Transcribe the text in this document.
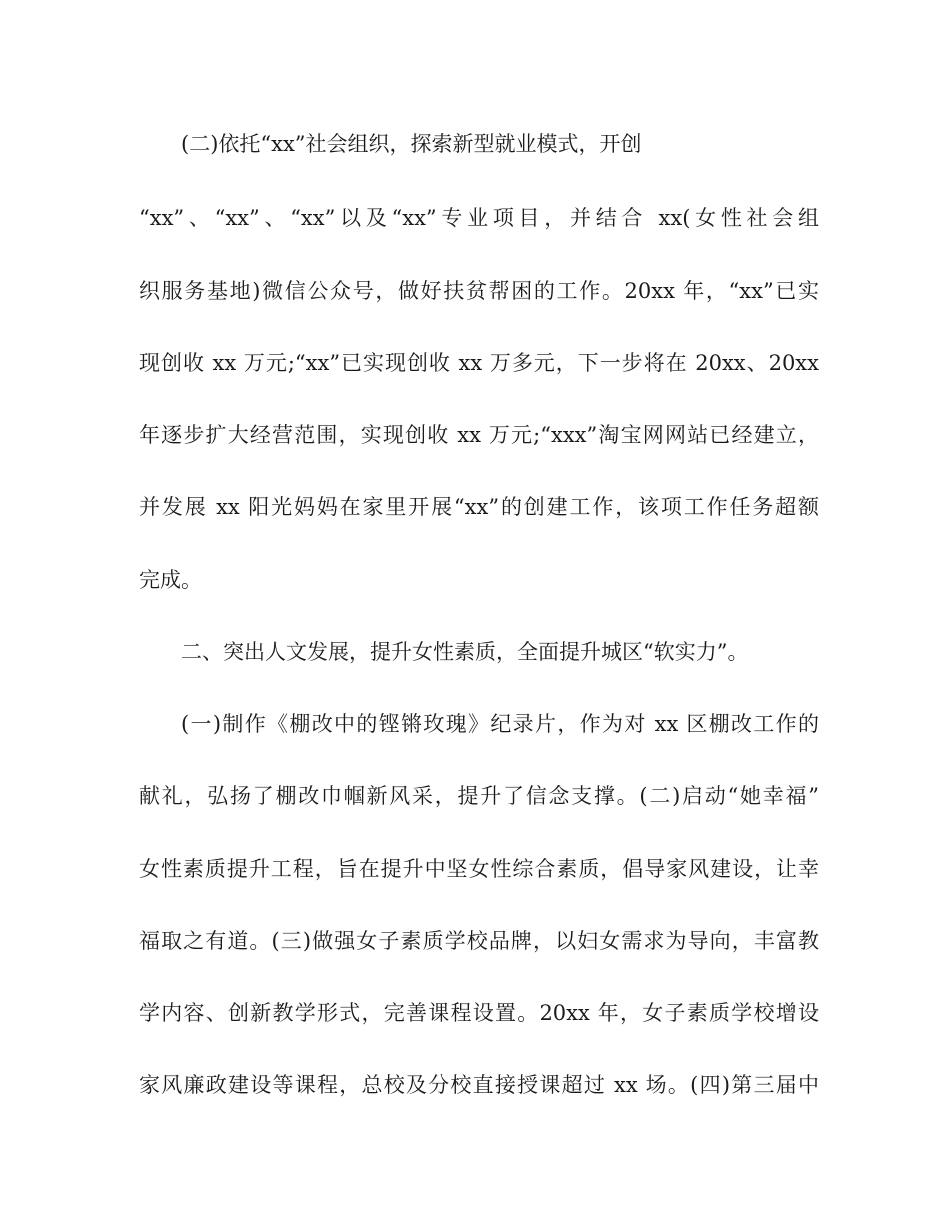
(二)依托“xx”社会组织，探索新型就业模式，开创
“xx”、“xx”、“xx”以及“xx”专业项目，并结合 xx(女性社会组
织服务基地)微信公众号，做好扶贫帮困的工作。20xx 年，“xx”已实
现创收 xx 万元;“xx”已实现创收 xx 万多元，下一步将在 20xx、20xx
年逐步扩大经营范围，实现创收 xx 万元;“xxx”淘宝网网站已经建立，
并发展 xx 阳光妈妈在家里开展“xx”的创建工作，该项工作任务超额
完成。
二、突出人文发展，提升女性素质，全面提升城区“软实力”。
(一)制作《棚改中的铿锵玫瑰》纪录片，作为对 xx 区棚改工作的
献礼，弘扬了棚改巾帼新风采，提升了信念支撑。(二)启动“她幸福”
女性素质提升工程，旨在提升中坚女性综合素质，倡导家风建设，让幸
福取之有道。(三)做强女子素质学校品牌，以妇女需求为导向，丰富教
学内容、创新教学形式，完善课程设置。20xx 年，女子素质学校增设
家风廉政建设等课程，总校及分校直接授课超过 xx 场。(四)第三届中
